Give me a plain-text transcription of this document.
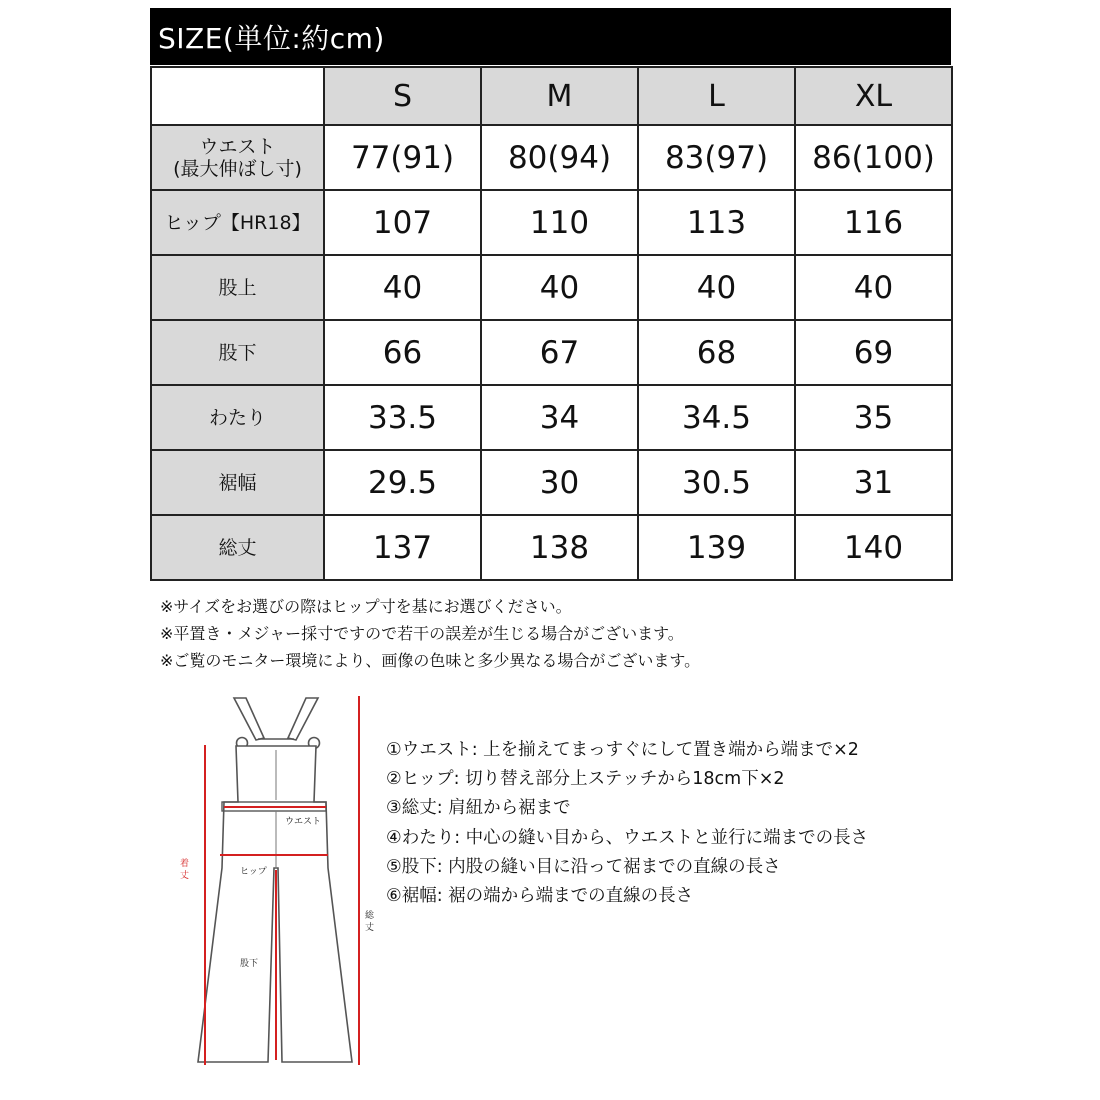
SIZE(単位:約cm)
	S	M	L	XL

ウエスト
(最大伸ばし寸)	77(91)	80(94)	83(97)	86(100)
ヒップ【HR18】	107	110	113	116
股上	40	40	40	40
股下	66	67	68	69
わたり	33.5	34	34.5	35
裾幅	29.5	30	30.5	31
総丈	137	138	139	140
※サイズをお選びの際はヒップ寸を基にお選びください。
※平置き・メジャー採寸ですので若干の誤差が生じる場合がございます。
※ご覧のモニター環境により、画像の色味と多少異なる場合がございます。
ウエスト
ヒップ
股下
着
丈
総
丈
①ウエスト: 上を揃えてまっすぐにして置き端から端まで×2
②ヒップ: 切り替え部分上ステッチから18cm下×2
③総丈: 肩紐から裾まで
④わたり: 中心の縫い目から、ウエストと並行に端までの長さ
⑤股下: 内股の縫い目に沿って裾までの直線の長さ
⑥裾幅: 裾の端から端までの直線の長さ
